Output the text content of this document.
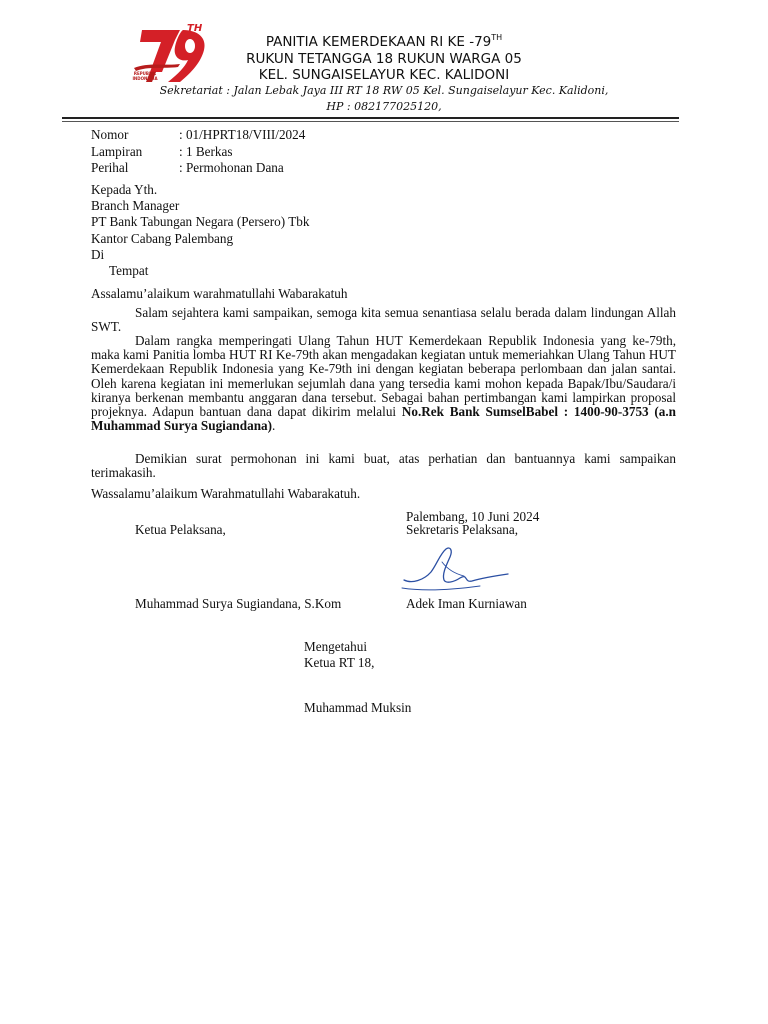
TH
REPUBLIK
INDONESIA
PANITIA KEMERDEKAAN RI KE -79TH
RUKUN TETANGGA 18 RUKUN WARGA 05
KEL. SUNGAISELAYUR KEC. KALIDONI
Sekretariat : Jalan Lebak Jaya III RT 18 RW 05 Kel. Sungaiselayur Kec. Kalidoni,
HP : 082177025120,
Nomor	: 01/HPRT18/VIII/2024
Lampiran	: 1 Berkas
Perihal	: Permohonan Dana
Kepada Yth.
Branch Manager
PT Bank Tabungan Negara (Persero) Tbk
Kantor Cabang Palembang
Di
Tempat
Assalamu’alaikum warahmatullahi Wabarakatuh
Salam sejahtera kami sampaikan, semoga kita semua senantiasa selalu berada dalam lindungan Allah SWT.
Dalam rangka memperingati Ulang Tahun HUT Kemerdekaan Republik Indonesia yang ke-79th, maka kami Panitia lomba HUT RI Ke-79th akan mengadakan kegiatan untuk memeriahkan Ulang Tahun HUT Kemerdekaan Republik Indonesia yang Ke-79th ini dengan kegiatan beberapa perlombaan dan jalan santai. Oleh karena kegiatan ini memerlukan sejumlah dana yang tersedia kami mohon kepada Bapak/Ibu/Saudara/i kiranya berkenan membantu anggaran dana tersebut. Sebagai bahan pertimbangan kami lampirkan proposal projeknya. Adapun bantuan dana dapat dikirim melalui No.Rek Bank SumselBabel : 1400-90-3753 (a.n Muhammad Surya Sugiandana).
Demikian surat permohonan ini kami buat, atas perhatian dan bantuannya kami sampaikan terimakasih.
Wassalamu’alaikum Warahmatullahi Wabarakatuh.
Palembang, 10 Juni 2024
Ketua Pelaksana,	Sekretaris Pelaksana,
Muhammad Surya Sugiandana, S.Kom	Adek Iman Kurniawan
Mengetahui
Ketua RT 18,
Muhammad Muksin
